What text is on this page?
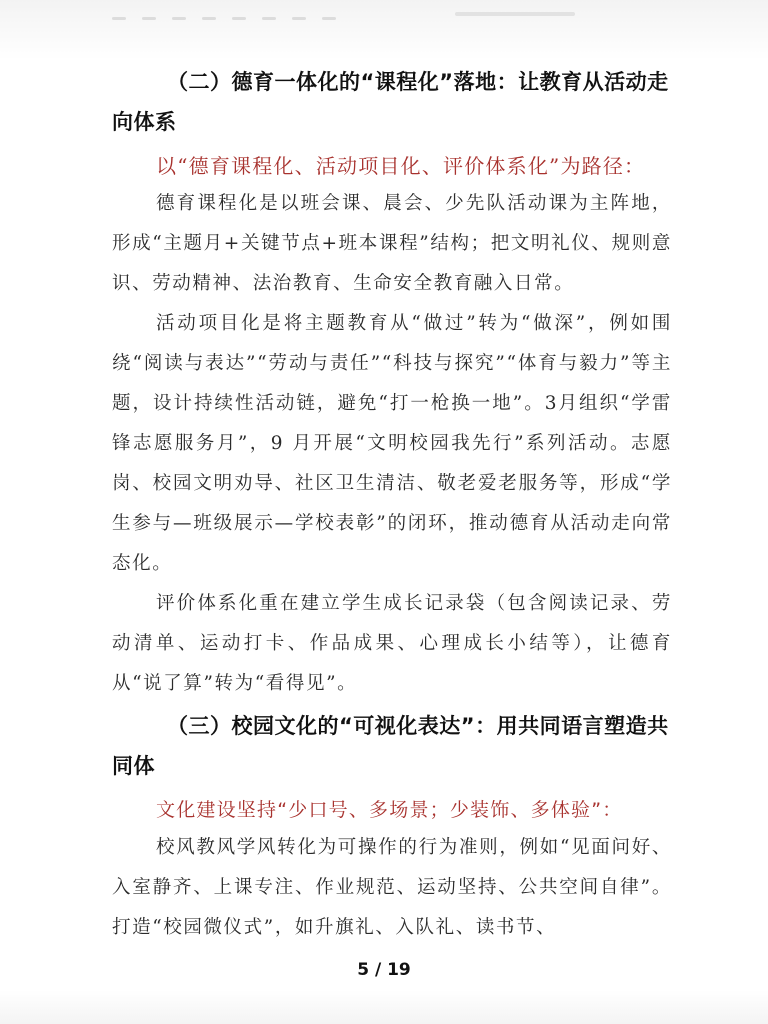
（二）德育一体化的“课程化”落地：让教育从活动走向体系
以“德育课程化、活动项目化、评价体系化”为路径：
德育课程化是以班会课、晨会、少先队活动课为主阵地，形成“主题月+关键节点+班本课程”结构；把文明礼仪、规则意识、劳动精神、法治教育、生命安全教育融入日常。
活动项目化是将主题教育从“做过”转为“做深”，例如围绕“阅读与表达”“劳动与责任”“科技与探究”“体育与毅力”等主题，设计持续性活动链，避免“打一枪换一地”。3月组织“学雷锋志愿服务月”，9 月开展“文明校园我先行”系列活动。志愿岗、校园文明劝导、社区卫生清洁、敬老爱老服务等，形成“学生参与—班级展示—学校表彰”的闭环，推动德育从活动走向常态化。
评价体系化重在建立学生成长记录袋（包含阅读记录、劳动清单、运动打卡、作品成果、心理成长小结等），让德育从“说了算”转为“看得见”。
（三）校园文化的“可视化表达”：用共同语言塑造共同体
文化建设坚持“少口号、多场景；少装饰、多体验”：
校风教风学风转化为可操作的行为准则，例如“见面问好、入室静齐、上课专注、作业规范、运动坚持、公共空间自律”。打造“校园微仪式”，如升旗礼、入队礼、读书节、
5 / 19
